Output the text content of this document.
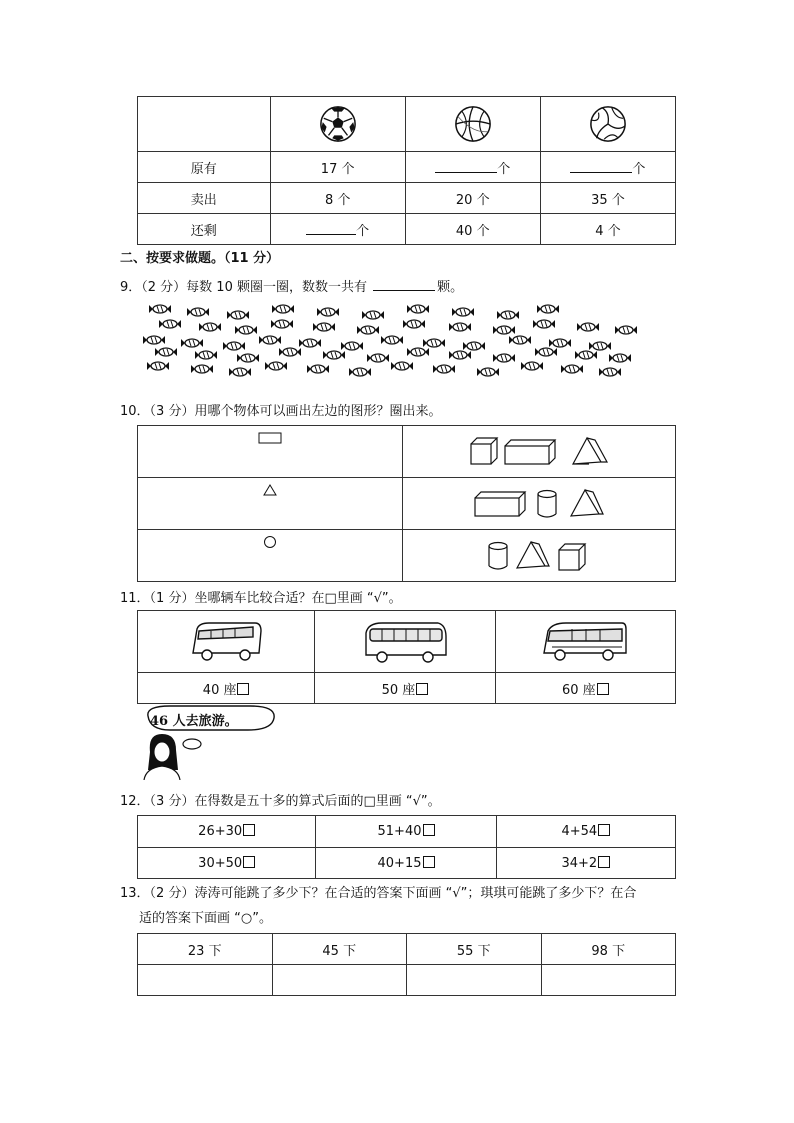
原有	17 个	个	个
卖出	8 个	20 个	35 个
还剩	个	40 个	4 个
二、按要求做题。（11 分）
9．（2 分）每数 10 颗圈一圈，数数一共有	颗。
10．（3 分）用哪个物体可以画出左边的图形？圈出来。

11．（1 分）坐哪辆车比较合适？在□里画 “√”。

40 座	50 座	60 座
46 人去旅游。
12．（3 分）在得数是五十多的算式后面的□里画 “√”。
26+30	51+40	4+54
30+50	40+15	34+2
13．（2 分）涛涛可能跳了多少下？在合适的答案下面画 “√”；琪琪可能跳了多少下？在合
适的答案下面画 “○”。
23 下	45 下	55 下	98 下
